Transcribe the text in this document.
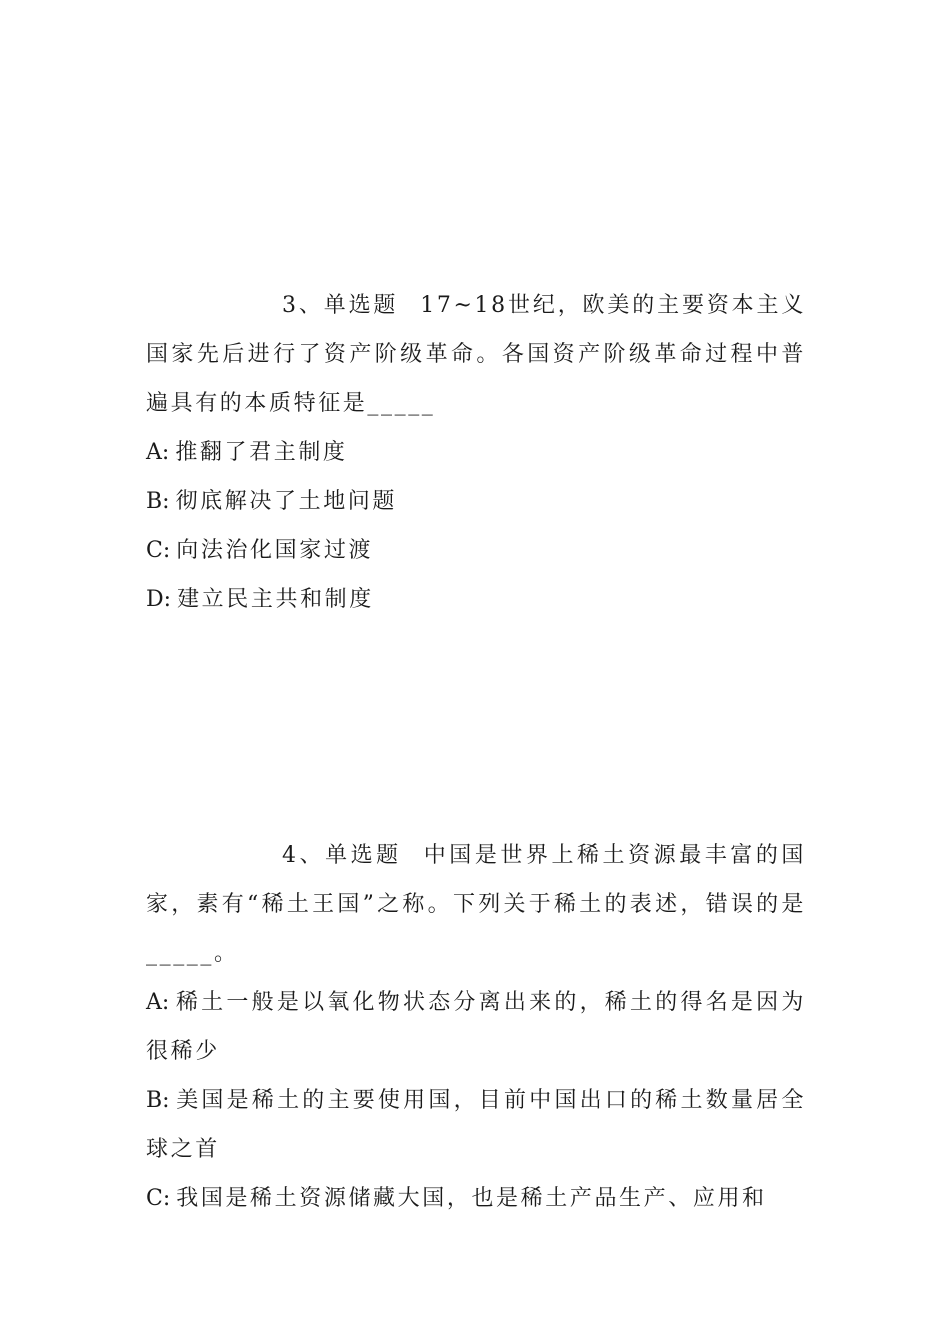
3、单选题 17~18世纪，欧美的主要资本主义国家先后进行了资产阶级革命。各国资产阶级革命过程中普遍具有的本质特征是_____

A: 推翻了君主制度
B: 彻底解决了土地问题
C: 向法治化国家过渡
D: 建立民主共和制度

4、单选题 中国是世界上稀土资源最丰富的国家，素有“稀土王国”之称。下列关于稀土的表述，错误的是_____。

A: 稀土一般是以氧化物状态分离出来的，稀土的得名是因为很稀少
B: 美国是稀土的主要使用国，目前中国出口的稀土数量居全球之首
C: 我国是稀土资源储藏大国，也是稀土产品生产、应用和
